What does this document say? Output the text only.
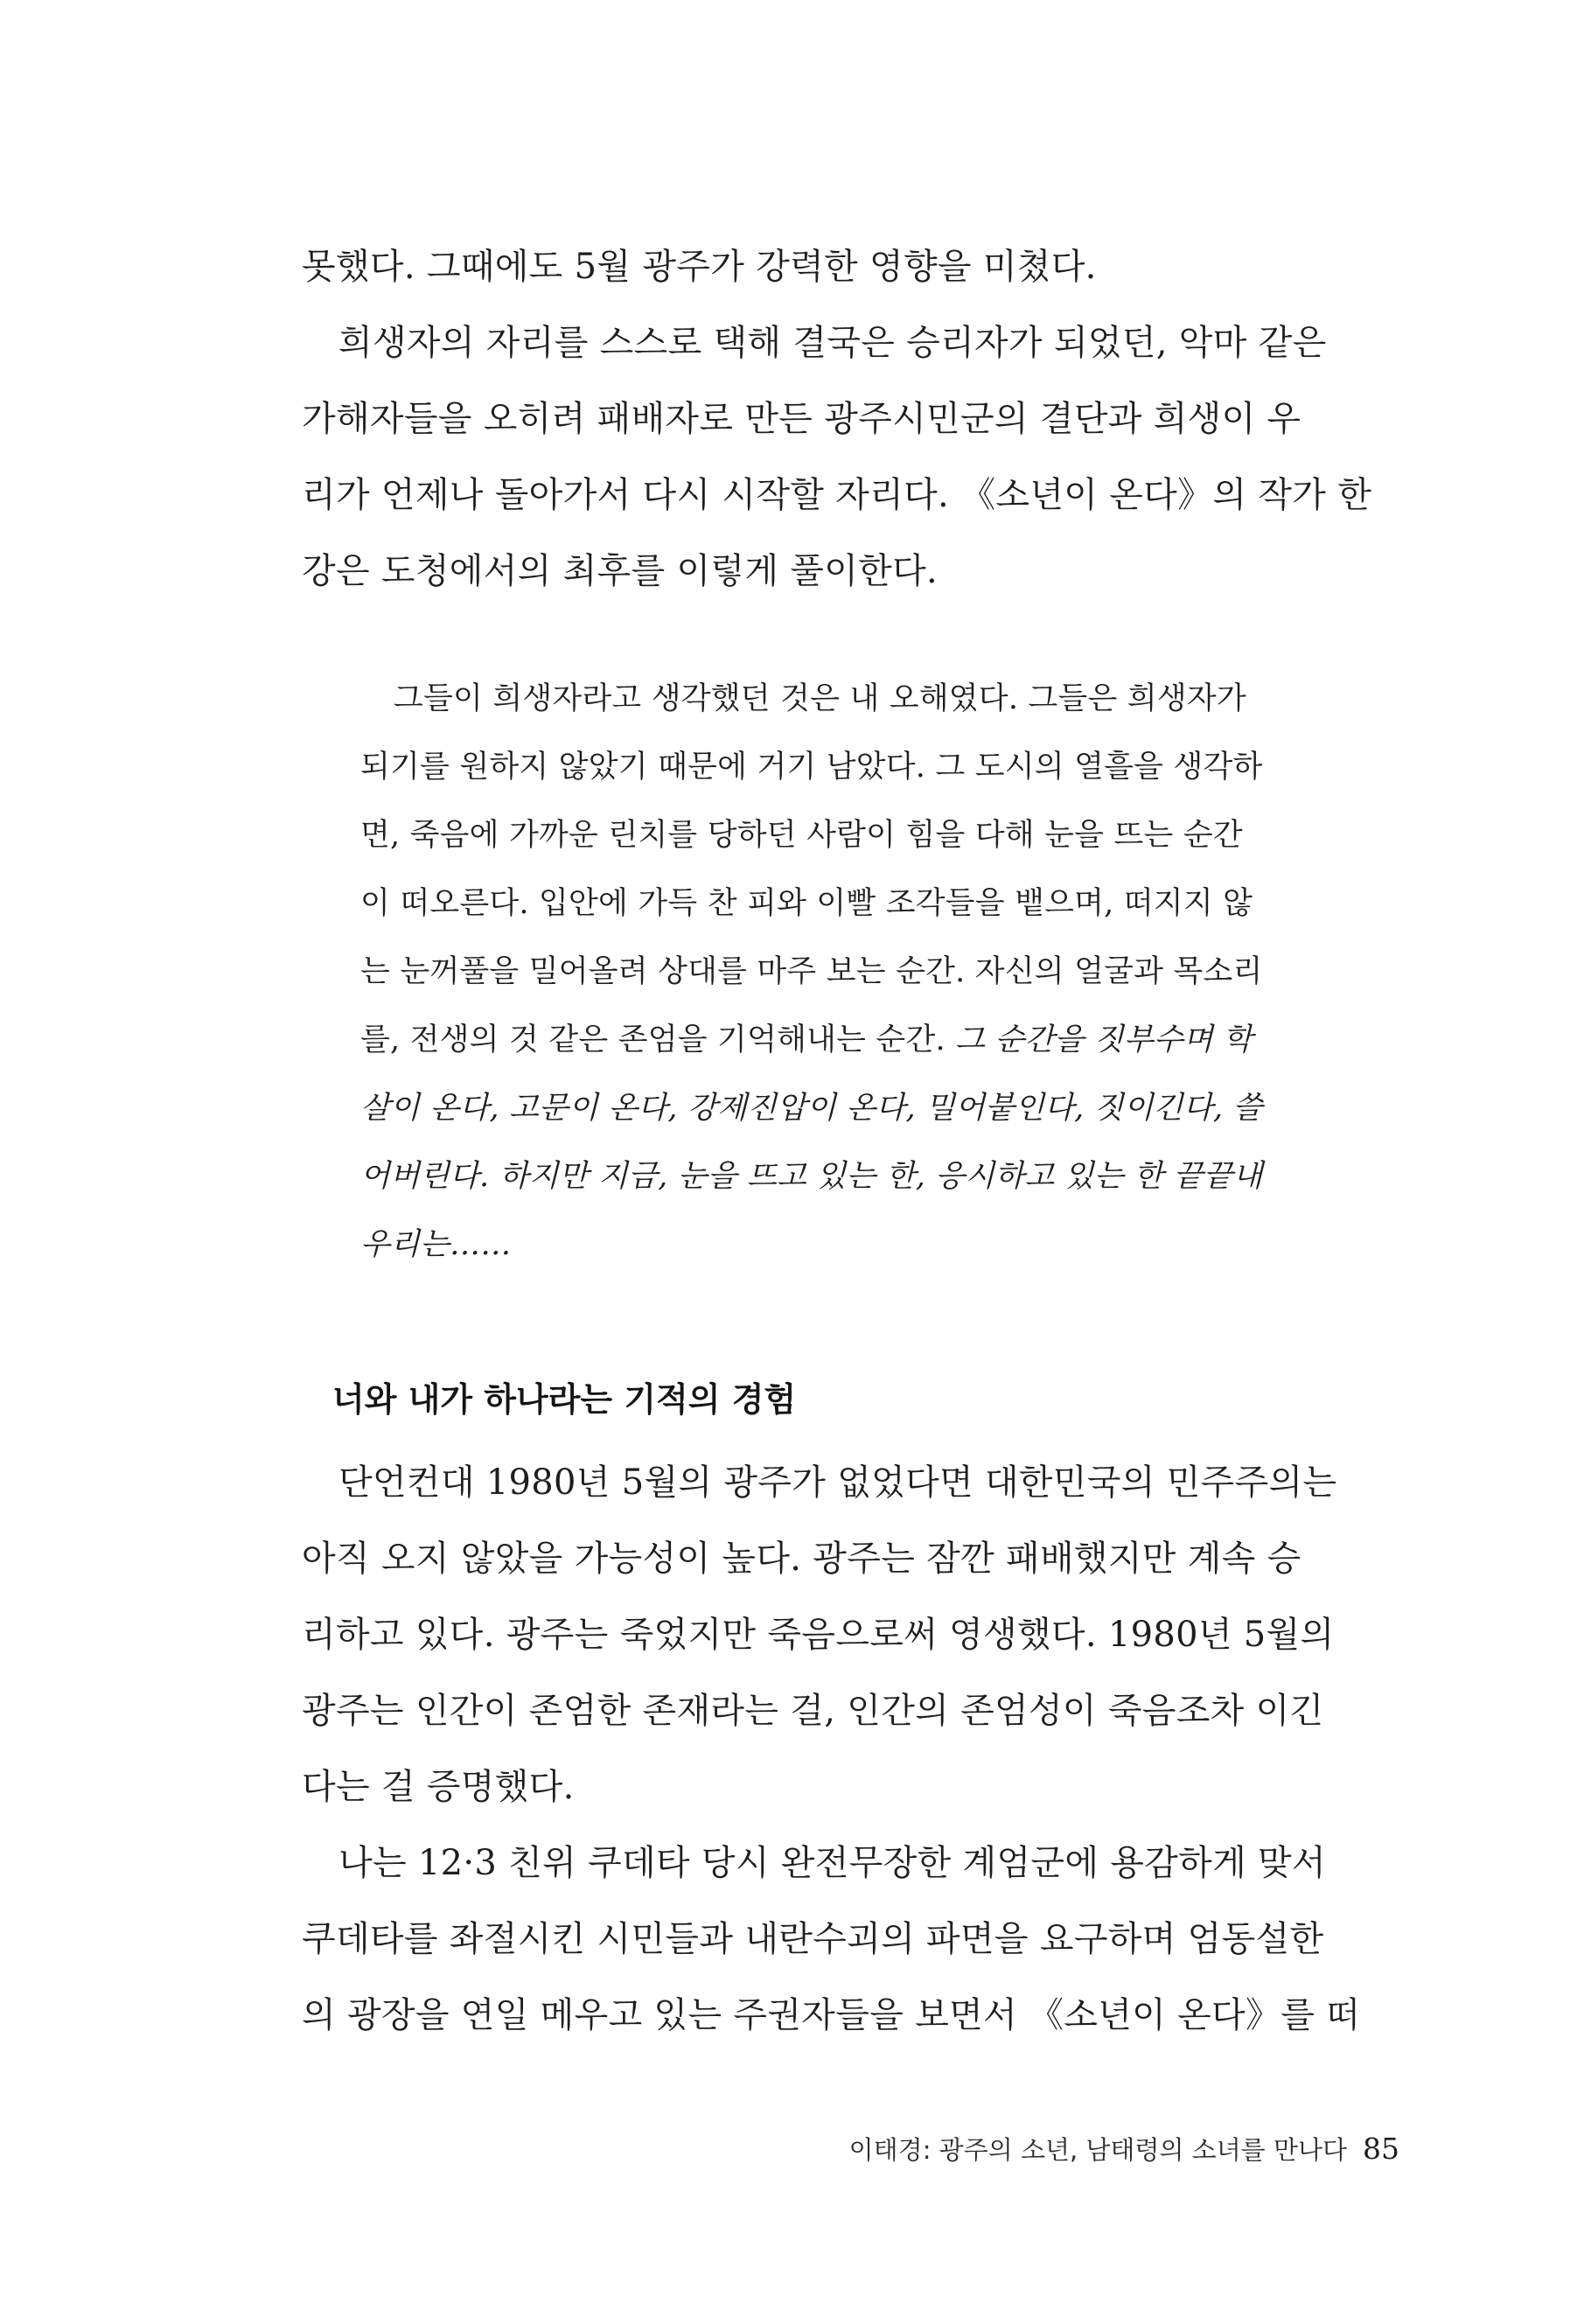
못했다. 그때에도 5월 광주가 강력한 영향을 미쳤다.
희생자의 자리를 스스로 택해 결국은 승리자가 되었던, 악마 같은
가해자들을 오히려 패배자로 만든 광주시민군의 결단과 희생이 우
리가 언제나 돌아가서 다시 시작할 자리다. 《소년이 온다》의 작가 한
강은 도청에서의 최후를 이렇게 풀이한다.
그들이 희생자라고 생각했던 것은 내 오해였다. 그들은 희생자가
되기를 원하지 않았기 때문에 거기 남았다. 그 도시의 열흘을 생각하
면, 죽음에 가까운 린치를 당하던 사람이 힘을 다해 눈을 뜨는 순간
이 떠오른다. 입안에 가득 찬 피와 이빨 조각들을 뱉으며, 떠지지 않
는 눈꺼풀을 밀어올려 상대를 마주 보는 순간. 자신의 얼굴과 목소리
를, 전생의 것 같은 존엄을 기억해내는 순간. 그 순간을 짓부수며 학
살이 온다, 고문이 온다, 강제진압이 온다, 밀어붙인다, 짓이긴다, 쓸
어버린다. 하지만 지금, 눈을 뜨고 있는 한, 응시하고 있는 한 끝끝내
우리는……
너와 내가 하나라는 기적의 경험
단언컨대 1980년 5월의 광주가 없었다면 대한민국의 민주주의는
아직 오지 않았을 가능성이 높다. 광주는 잠깐 패배했지만 계속 승
리하고 있다. 광주는 죽었지만 죽음으로써 영생했다. 1980년 5월의
광주는 인간이 존엄한 존재라는 걸, 인간의 존엄성이 죽음조차 이긴
다는 걸 증명했다.
나는 12·3 친위 쿠데타 당시 완전무장한 계엄군에 용감하게 맞서
쿠데타를 좌절시킨 시민들과 내란수괴의 파면을 요구하며 엄동설한
의 광장을 연일 메우고 있는 주권자들을 보면서 《소년이 온다》를 떠
이태경: 광주의 소년, 남태령의 소녀를 만나다 85
